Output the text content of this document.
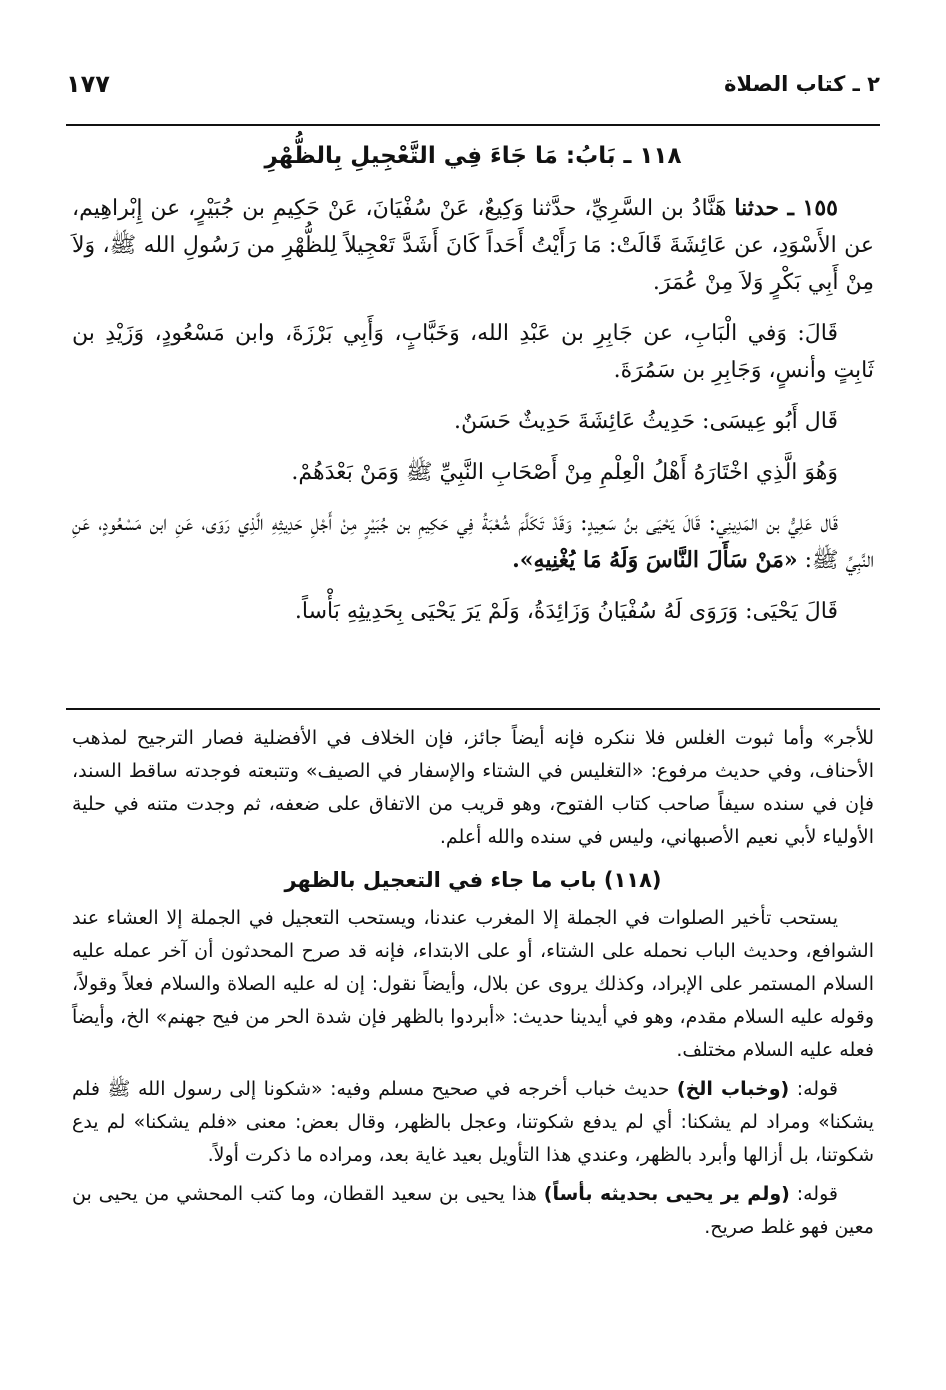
٢ ـ كتاب الصلاة
١٧٧
١١٨ ـ بَابُ: مَا جَاءَ فِي التَّعْجِيلِ بِالظُّهْرِ

١٥٥ ـ حدثنا هَنَّادُ بن السَّرِيِّ، حدَّثنا وَكِيعٌ، عَنْ سُفْيَانَ، عَنْ حَكِيمِ بن جُبَيْرٍ، عن إِبْراهِيم، عن الأَسْوَدِ، عن عَائِشَةَ قَالَتْ: مَا رَأَيْتُ أَحَداً كَانَ أَشَدَّ تَعْجِيلاً لِلظُّهْرِ من رَسُولِ الله ﷺ، وَلاَ مِنْ أَبِي بَكْرٍ وَلاَ مِنْ عُمَرَ.

قَالَ: وَفي الْبَابِ، عن جَابِرِ بن عَبْدِ الله، وَخَبَّابٍ، وَأَبِي بَرْزَةَ، وابن مَسْعُودٍ، وَزَيْدِ بن ثَابِتٍ وأنسٍ، وَجَابِرِ بن سَمُرَةَ.

قَال أَبُو عِيسَى: حَدِيثُ عَائِشَةَ حَدِيثٌ حَسَنٌ.

وَهُوَ الَّذِي اخْتَارَهُ أَهْلُ الْعِلْمِ مِنْ أَصْحَابِ النَّبِيِّ ﷺ وَمَنْ بَعْدَهُمْ.

قَال عَلِيُّ بن المَدِينِي: قَالَ يَحْيَى بنُ سَعِيدٍ: وَقَدْ تَكَلَّمَ شُعْبَةُ فِي حَكِيمِ بن جُبَيْرٍ مِنْ أَجْلِ حَدِيثِهِ الَّذِي رَوَى، عَنِ ابن مَسْعُودٍ، عَنِ النَّبِيِّ ﷺ: «مَنْ سَأَلَ النَّاسَ وَلَهُ مَا يُغْنِيهِ».

قَالَ يَحْيَى: وَرَوَى لَهُ سُفْيَانُ وَزَائِدَةُ، وَلَمْ يَرَ يَحْيَى بِحَدِيثِهِ بَأْساً.

للأجر» وأما ثبوت الغلس فلا ننكره فإنه أيضاً جائز، فإن الخلاف في الأفضلية فصار الترجيح لمذهب الأحناف، وفي حديث مرفوع: «التغليس في الشتاء والإسفار في الصيف» وتتبعته فوجدته ساقط السند، فإن في سنده سيفاً صاحب كتاب الفتوح، وهو قريب من الاتفاق على ضعفه، ثم وجدت متنه في حلية الأولياء لأبي نعيم الأصبهاني، وليس في سنده والله أعلم.

(١١٨) باب ما جاء في التعجيل بالظهر

يستحب تأخير الصلوات في الجملة إلا المغرب عندنا، ويستحب التعجيل في الجملة إلا العشاء عند الشوافع، وحديث الباب نحمله على الشتاء، أو على الابتداء، فإنه قد صرح المحدثون أن آخر عمله عليه السلام المستمر على الإبراد، وكذلك يروى عن بلال، وأيضاً نقول: إن له عليه الصلاة والسلام فعلاً وقولاً، وقوله عليه السلام مقدم، وهو في أيدينا حديث: «أبردوا بالظهر فإن شدة الحر من فيح جهنم» الخ، وأيضاً فعله عليه السلام مختلف.

قوله: (وخباب الخ) حديث خباب أخرجه في صحيح مسلم وفيه: «شكونا إلى رسول الله ﷺ فلم يشكنا» ومراد لم يشكنا: أي لم يدفع شكوتنا، وعجل بالظهر، وقال بعض: معنى «فلم يشكنا» لم يدع شكوتنا، بل أزالها وأبرد بالظهر، وعندي هذا التأويل بعيد غاية بعد، ومراده ما ذكرت أولاً.

قوله: (ولم ير يحيى بحديثه بأساً) هذا يحيى بن سعيد القطان، وما كتب المحشي من يحيى بن معين فهو غلط صريح.
